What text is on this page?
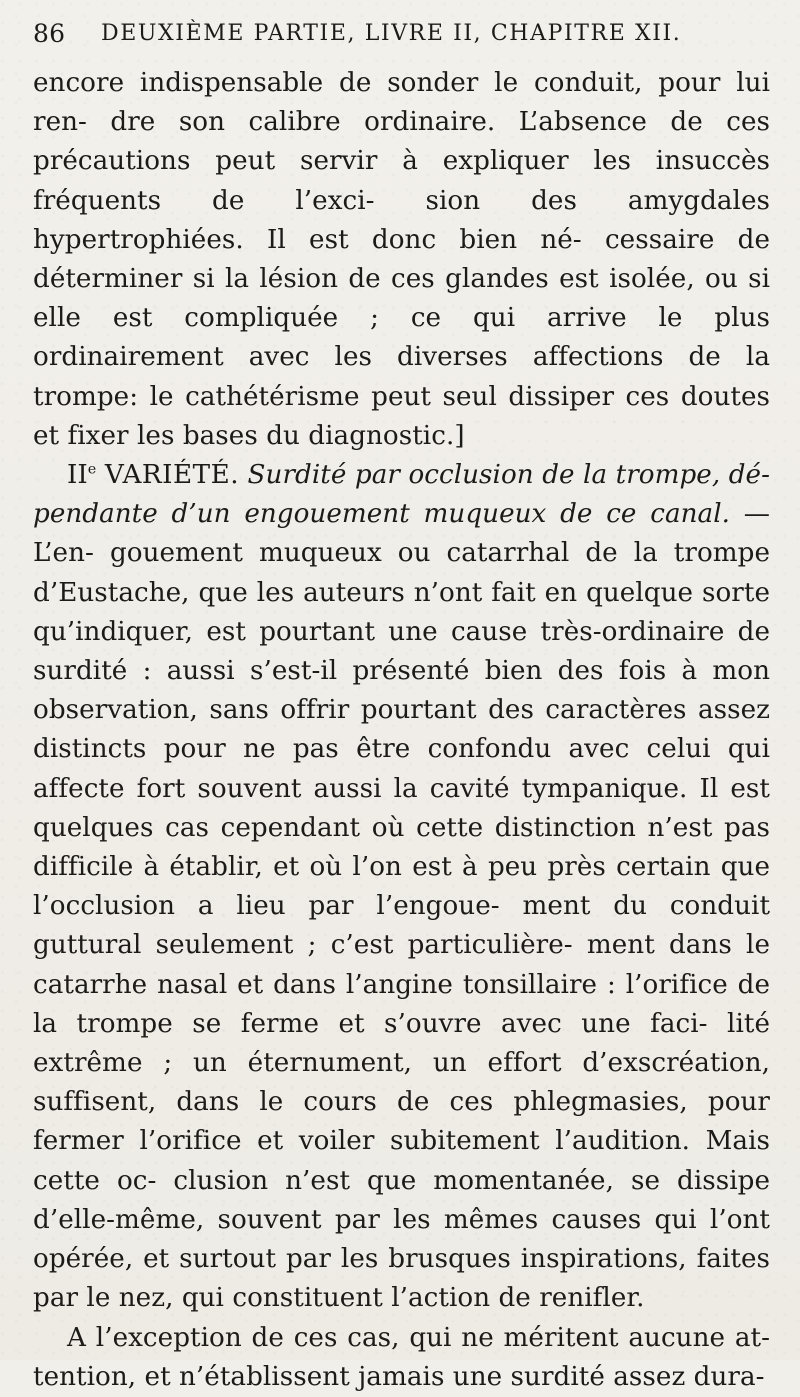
86	DEUXIÈME PARTIE, LIVRE II, CHAPITRE XII.

encore indispensable de sonder le conduit, pour lui ren- dre son calibre ordinaire. L’absence de ces précautions peut servir à expliquer les insuccès fréquents de l’exci- sion des amygdales hypertrophiées. Il est donc bien né- cessaire de déterminer si la lésion de ces glandes est isolée, ou si elle est compliquée ; ce qui arrive le plus ordinairement avec les diverses affections de la trompe: le cathétérisme peut seul dissiper ces doutes et fixer les bases du diagnostic.]

IIe VARIÉTÉ. Surdité par occlusion de la trompe, dé- pendante d’un engouement muqueux de ce canal. — L’en- gouement muqueux ou catarrhal de la trompe d’Eustache, que les auteurs n’ont fait en quelque sorte qu’indiquer, est pourtant une cause très-ordinaire de surdité : aussi s’est-il présenté bien des fois à mon observation, sans offrir pourtant des caractères assez distincts pour ne pas être confondu avec celui qui affecte fort souvent aussi la cavité tympanique. Il est quelques cas cependant où cette distinction n’est pas difficile à établir, et où l’on est à peu près certain que l’occlusion a lieu par l’engoue- ment du conduit guttural seulement ; c’est particulière- ment dans le catarrhe nasal et dans l’angine tonsillaire : l’orifice de la trompe se ferme et s’ouvre avec une faci- lité extrême ; un éternument, un effort d’exscréation, suffisent, dans le cours de ces phlegmasies, pour fermer l’orifice et voiler subitement l’audition. Mais cette oc- clusion n’est que momentanée, se dissipe d’elle-même, souvent par les mêmes causes qui l’ont opérée, et surtout par les brusques inspirations, faites par le nez, qui constituent l’action de renifler.

A l’exception de ces cas, qui ne méritent aucune at- tention, et n’établissent jamais une surdité assez dura-
